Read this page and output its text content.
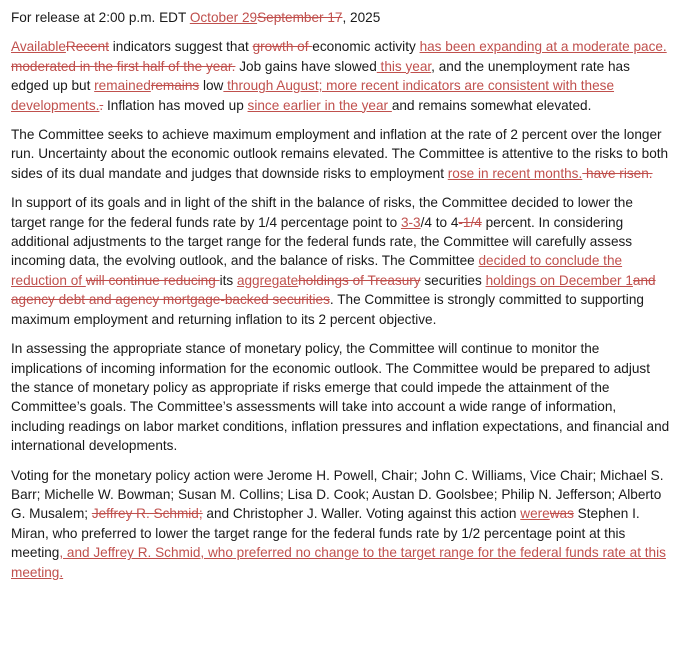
For release at 2:00 p.m. EDT October 29September 17, 2025

AvailableRecent indicators suggest that growth of economic activity has been expanding at a moderate pace. moderated in the first half of the year. Job gains have slowed this year, and the unemployment rate has edged up but remainedremains low through August; more recent indicators are consistent with these developments.. Inflation has moved up since earlier in the year and remains somewhat elevated.

The Committee seeks to achieve maximum employment and inflation at the rate of 2 percent over the longer run. Uncertainty about the economic outlook remains elevated. The Committee is attentive to the risks to both sides of its dual mandate and judges that downside risks to employment rose in recent months. have risen.

In support of its goals and in light of the shift in the balance of risks, the Committee decided to lower the target range for the federal funds rate by 1/4 percentage point to 3-3/4 to 4-1/4 percent. In considering additional adjustments to the target range for the federal funds rate, the Committee will carefully assess incoming data, the evolving outlook, and the balance of risks. The Committee decided to conclude the reduction of will continue reducing its aggregateholdings of Treasury securities holdings on December 1and agency debt and agency mortgage-backed securities. The Committee is strongly committed to supporting maximum employment and returning inflation to its 2 percent objective.

In assessing the appropriate stance of monetary policy, the Committee will continue to monitor the implications of incoming information for the economic outlook. The Committee would be prepared to adjust the stance of monetary policy as appropriate if risks emerge that could impede the attainment of the Committee’s goals. The Committee’s assessments will take into account a wide range of information, including readings on labor market conditions, inflation pressures and inflation expectations, and financial and international developments.

Voting for the monetary policy action were Jerome H. Powell, Chair; John C. Williams, Vice Chair; Michael S. Barr; Michelle W. Bowman; Susan M. Collins; Lisa D. Cook; Austan D. Goolsbee; Philip N. Jefferson; Alberto G. Musalem; Jeffrey R. Schmid; and Christopher J. Waller. Voting against this action werewas Stephen I. Miran, who preferred to lower the target range for the federal funds rate by 1/2 percentage point at this meeting, and Jeffrey R. Schmid, who preferred no change to the target range for the federal funds rate at this meeting.
